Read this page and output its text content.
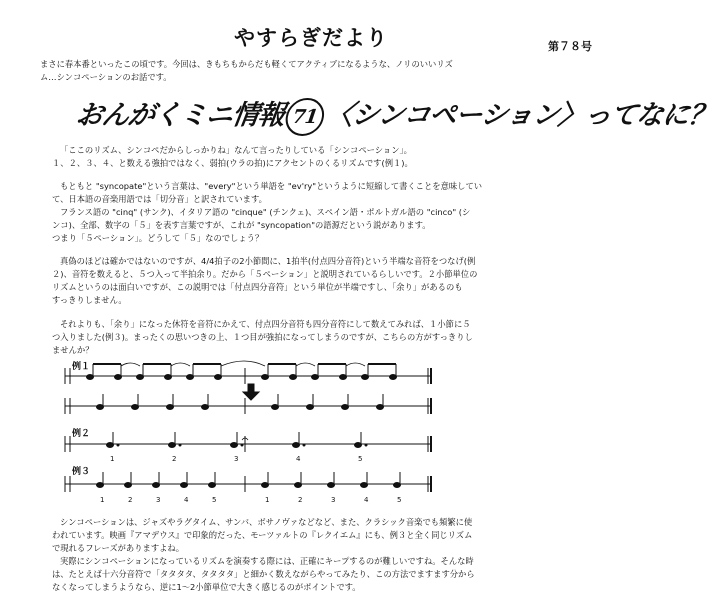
やすらぎだより	第７８号

まさに春本番といったこの頃です。今回は、きもちもからだも軽くてアクティブになるような、ノリのいいリズ

ム…シンコペーションのお話です。

おんがくミニ情報 71 〈シンコペーション〉ってなに？

「ここのリズム、シンコペだからしっかりね」なんて言ったりしている「シンコペーション」。

１、２、３、４、と数える強拍ではなく、弱拍(ウラの拍)にアクセントのくるリズムです(例１)。

もともと "syncopate"という言葉は、"every"という単語を "ev'ry"というように短縮して書くことを意味してい

て、日本語の音楽用語では「切分音」と訳されています。

フランス語の "cinq" (サンク)、イタリア語の "cinque" (チンクェ)、スペイン語・ポルトガル語の "cinco" (シ

ンコ)、全部、数字の「５」を表す言葉ですが、これが "syncopation"の語源だという説があります。

つまり「５ペーション」。どうして「５」なのでしょう？

真偽のほどは確かではないのですが、4/4拍子の2小節間に、1拍半(付点四分音符)という半端な音符をつなげ(例

２)、音符を数えると、５つ入って半拍余り。だから「５ペーション」と説明されているらしいです。２小節単位の

リズムというのは面白いですが、この説明では「付点四分音符」という単位が半端ですし、「余り」があるのも

すっきりしません。

それよりも、「余り」になった休符を音符にかえて、付点四分音符も四分音符にして数えてみれば、１小節に５

つ入りました(例３)。まったくの思いつきの上、１つ目が強拍になってしまうのですが、こちらの方がすっきりし

ませんか？

例１
例２
1	2	3	4	5
例３
1	2	3	4	5	1	2	3	4	5

シンコペーションは、ジャズやラグタイム、サンバ、ボサノヴァなどなど、また、クラシック音楽でも頻繁に使

われています。映画『アマデウス』で印象的だった、モーツァルトの『レクイエム』にも、例３と全く同じリズム

で現れるフレーズがありますよね。

実際にシンコペーションになっているリズムを演奏する際には、正確にキープするのが難しいですね。そんな時

は、たとえば十六分音符で「タタタタ、タタタタ」と細かく数えながらやってみたり、この方法でますます分から

なくなってしまうようなら、逆に1～2小節単位で大きく感じるのがポイントです。
